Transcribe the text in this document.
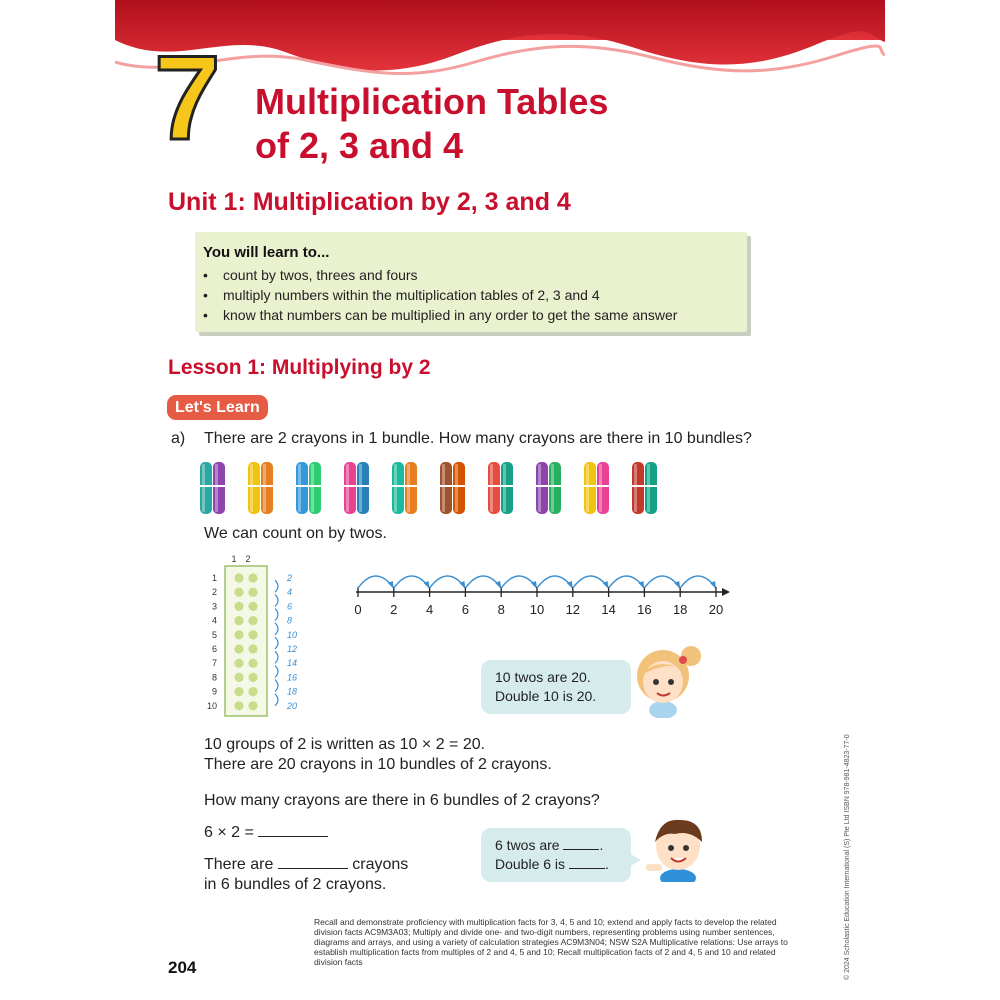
7 Multiplication Tables
of 2, 3 and 4
Unit 1: Multiplication by 2, 3 and 4
You will learn to...
• count by twos, threes and fours
• multiply numbers within the multiplication tables of 2, 3 and 4
• know that numbers can be multiplied in any order to get the same answer
Lesson 1: Multiplying by 2
Let's Learn
a) There are 2 crayons in 1 bundle. How many crayons are there in 10 bundles?
We can count on by twos.
1 2
1	2
2	4
3	6
4	8
5	10
6	12
7	14
8	16
9	18
10	20
0 2 4 6 8 10 12 14 16 18 20
10 twos are 20.
Double 10 is 20.
10 groups of 2 is written as 10 × 2 = 20.
There are 20 crayons in 10 bundles of 2 crayons.
How many crayons are there in 6 bundles of 2 crayons?
6 × 2 =
There are	crayons
in 6 bundles of 2 crayons.
6 twos are	.
Double 6 is	.
Recall and demonstrate proficiency with multiplication facts for 3, 4, 5 and 10; extend and apply facts to develop the related division facts AC9M3A03; Multiply and divide one- and two-digit numbers, representing problems using number sentences, diagrams and arrays, and using a variety of calculation strategies AC9M3N04; NSW S2A Multiplicative relations: Use arrays to establish multiplication facts from multiples of 2 and 4, 5 and 10; Recall multiplication facts of 2 and 4, 5 and 10 and related division facts
204	© 2024 Scholastic Education International (S) Pte Ltd ISBN 978-981-4823-77-0
